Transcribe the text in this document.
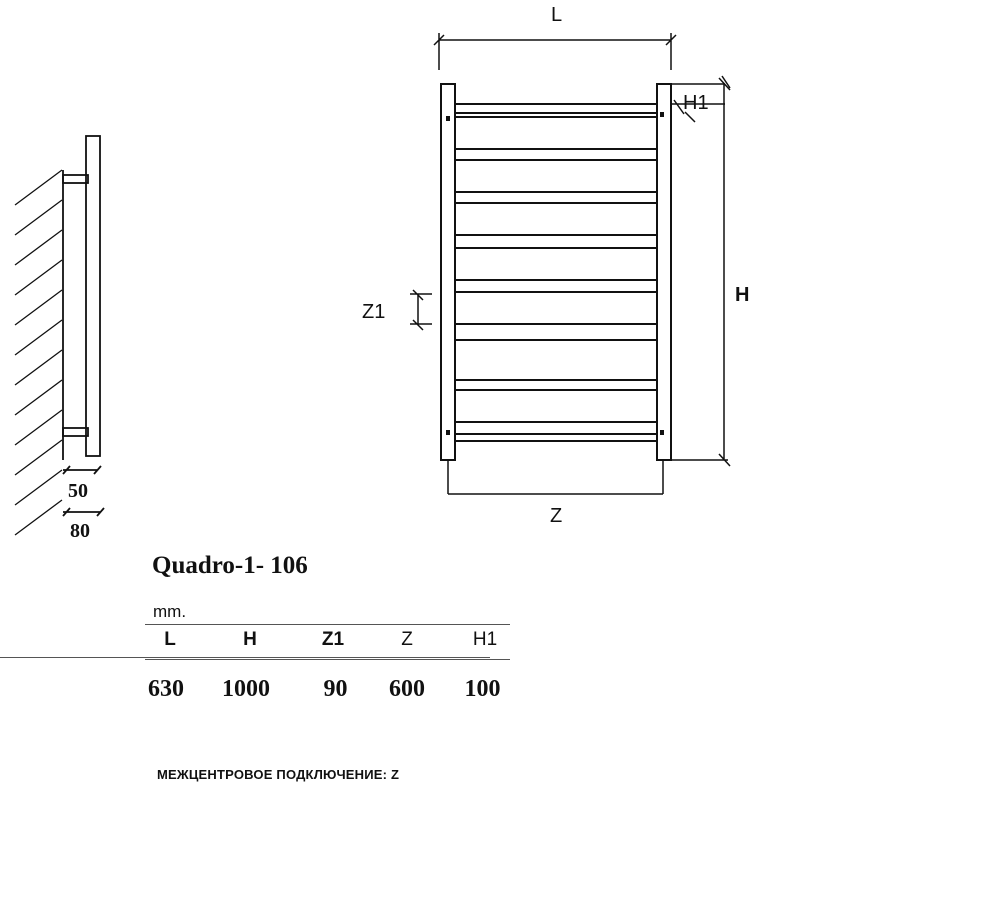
50
80
L
H1
H
Z1
Z
Quadro-1- 106
mm.
L	H	Z1	Z	H1
630 1000 90 600 100
МЕЖЦЕНТРОВОЕ ПОДКЛЮЧЕНИЕ: Z
